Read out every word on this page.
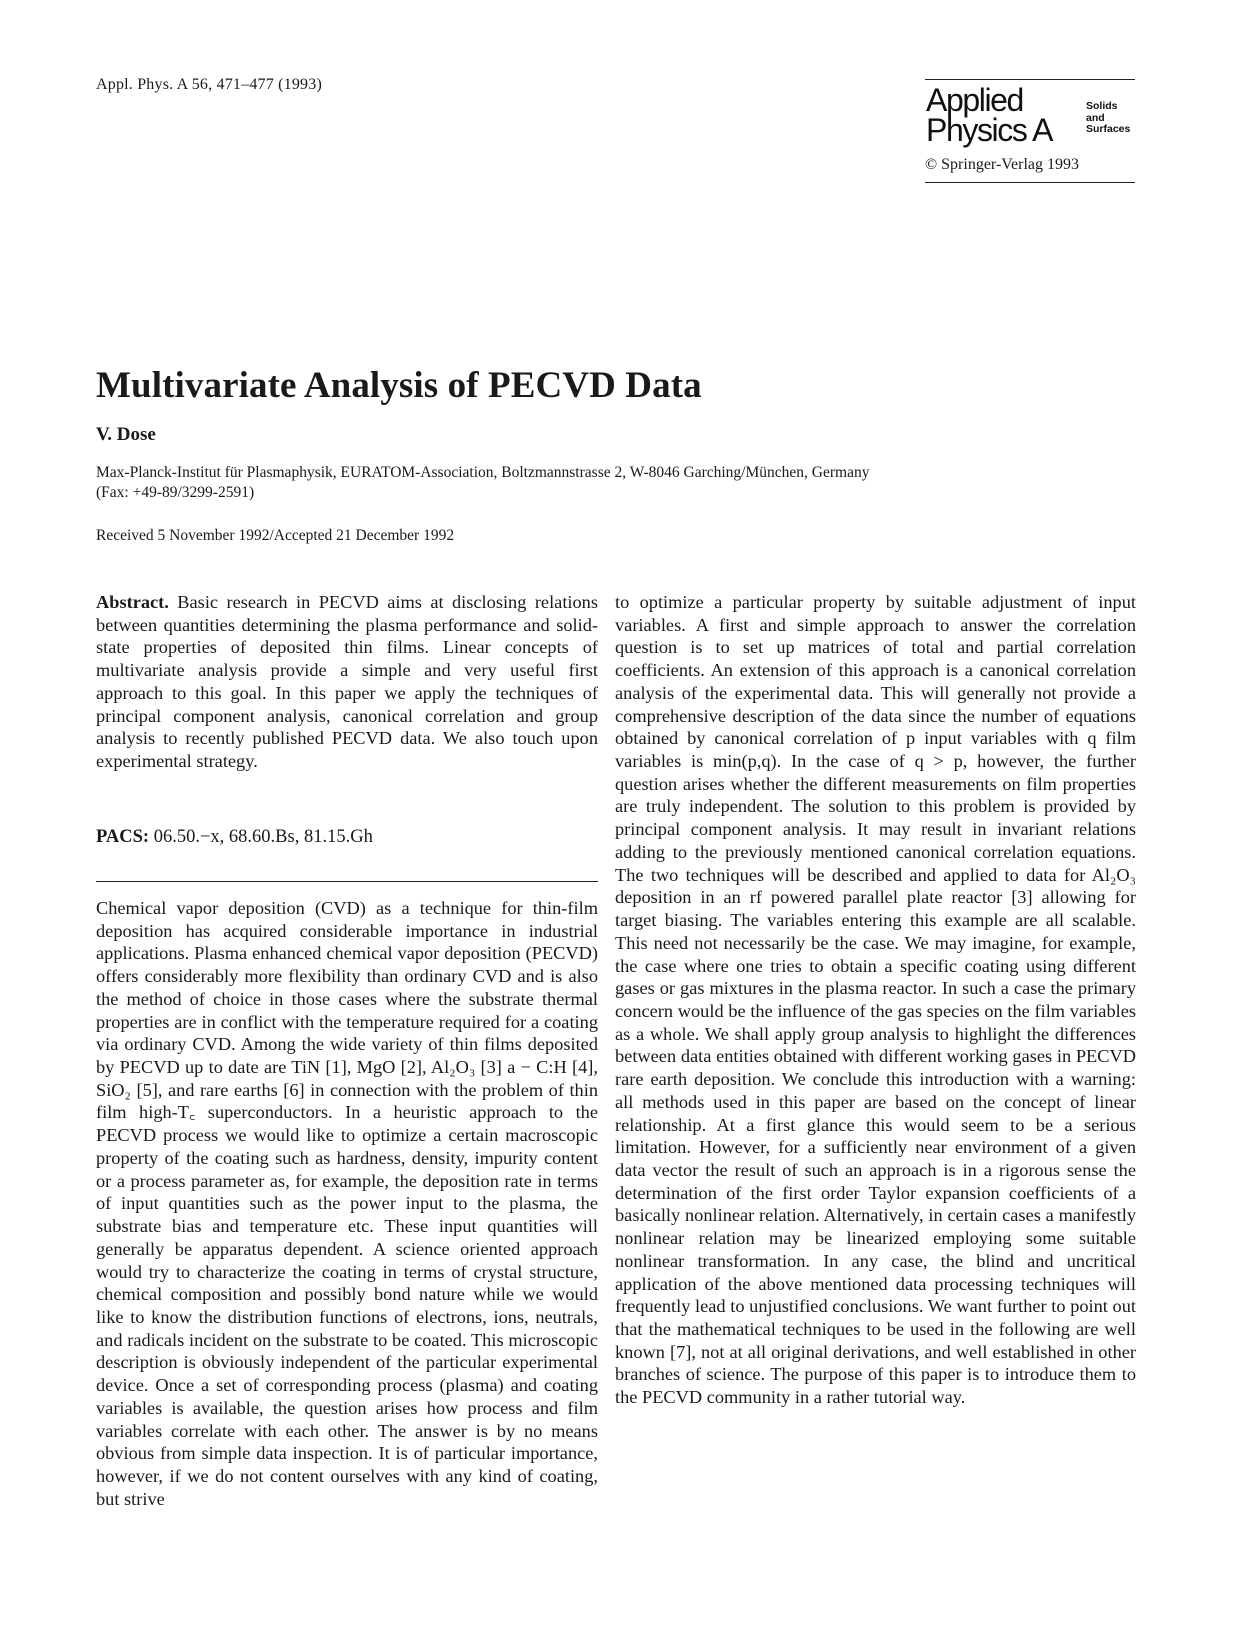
Appl. Phys. A 56, 471–477 (1993)	Applied
Physics A
Solids
and
Surfaces
© Springer-Verlag 1993
Multivariate Analysis of PECVD Data
V. Dose
Max-Planck-Institut für Plasmaphysik, EURATOM-Association, Boltzmannstrasse 2, W-8046 Garching/München, Germany
(Fax: +49-89/3299-2591)
Received 5 November 1992/Accepted 21 December 1992

Abstract. Basic research in PECVD aims at disclosing relations between quantities determining the plasma performance and solid-state properties of deposited thin films. Linear concepts of multivariate analysis provide a simple and very useful first approach to this goal. In this paper we apply the techniques of principal component analysis, canonical correlation and group analysis to recently published PECVD data. We also touch upon experimental strategy.

PACS: 06.50.−x, 68.60.Bs, 81.15.Gh

Chemical vapor deposition (CVD) as a technique for thin-film deposition has acquired considerable importance in industrial applications. Plasma enhanced chemical vapor deposition (PECVD) offers considerably more flexibility than ordinary CVD and is also the method of choice in those cases where the substrate thermal properties are in conflict with the temperature required for a coating via ordinary CVD. Among the wide variety of thin films deposited by PECVD up to date are TiN [1], MgO [2], Al₂O₃ [3] a − C:H [4], SiO₂ [5], and rare earths [6] in connection with the problem of thin film high-T꜀ superconductors. In a heuristic approach to the PECVD process we would like to optimize a certain macroscopic property of the coating such as hardness, density, impurity content or a process parameter as, for example, the deposition rate in terms of input quantities such as the power input to the plasma, the substrate bias and temperature etc. These input quantities will generally be apparatus dependent. A science oriented approach would try to characterize the coating in terms of crystal structure, chemical composition and possibly bond nature while we would like to know the distribution functions of electrons, ions, neutrals, and radicals incident on the substrate to be coated. This microscopic description is obviously independent of the particular experimental device. Once a set of corresponding process (plasma) and coating variables is available, the question arises how process and film variables correlate with each other. The answer is by no means obvious from simple data inspection. It is of particular importance, however, if we do not content ourselves with any kind of coating, but strive

to optimize a particular property by suitable adjustment of input variables. A first and simple approach to answer the correlation question is to set up matrices of total and partial correlation coefficients. An extension of this approach is a canonical correlation analysis of the experimental data. This will generally not provide a comprehensive description of the data since the number of equations obtained by canonical correlation of p input variables with q film variables is min(p,q). In the case of q > p, however, the further question arises whether the different measurements on film properties are truly independent. The solution to this problem is provided by principal component analysis. It may result in invariant relations adding to the previously mentioned canonical correlation equations. The two techniques will be described and applied to data for Al₂O₃ deposition in an rf powered parallel plate reactor [3] allowing for target biasing. The variables entering this example are all scalable. This need not necessarily be the case. We may imagine, for example, the case where one tries to obtain a specific coating using different gases or gas mixtures in the plasma reactor. In such a case the primary concern would be the influence of the gas species on the film variables as a whole. We shall apply group analysis to highlight the differences between data entities obtained with different working gases in PECVD rare earth deposition. We conclude this introduction with a warning: all methods used in this paper are based on the concept of linear relationship. At a first glance this would seem to be a serious limitation. However, for a sufficiently near environment of a given data vector the result of such an approach is in a rigorous sense the determination of the first order Taylor expansion coefficients of a basically nonlinear relation. Alternatively, in certain cases a manifestly nonlinear relation may be linearized employing some suitable nonlinear transformation. In any case, the blind and uncritical application of the above mentioned data processing techniques will frequently lead to unjustified conclusions. We want further to point out that the mathematical techniques to be used in the following are well known [7], not at all original derivations, and well established in other branches of science. The purpose of this paper is to introduce them to the PECVD community in a rather tutorial way.
